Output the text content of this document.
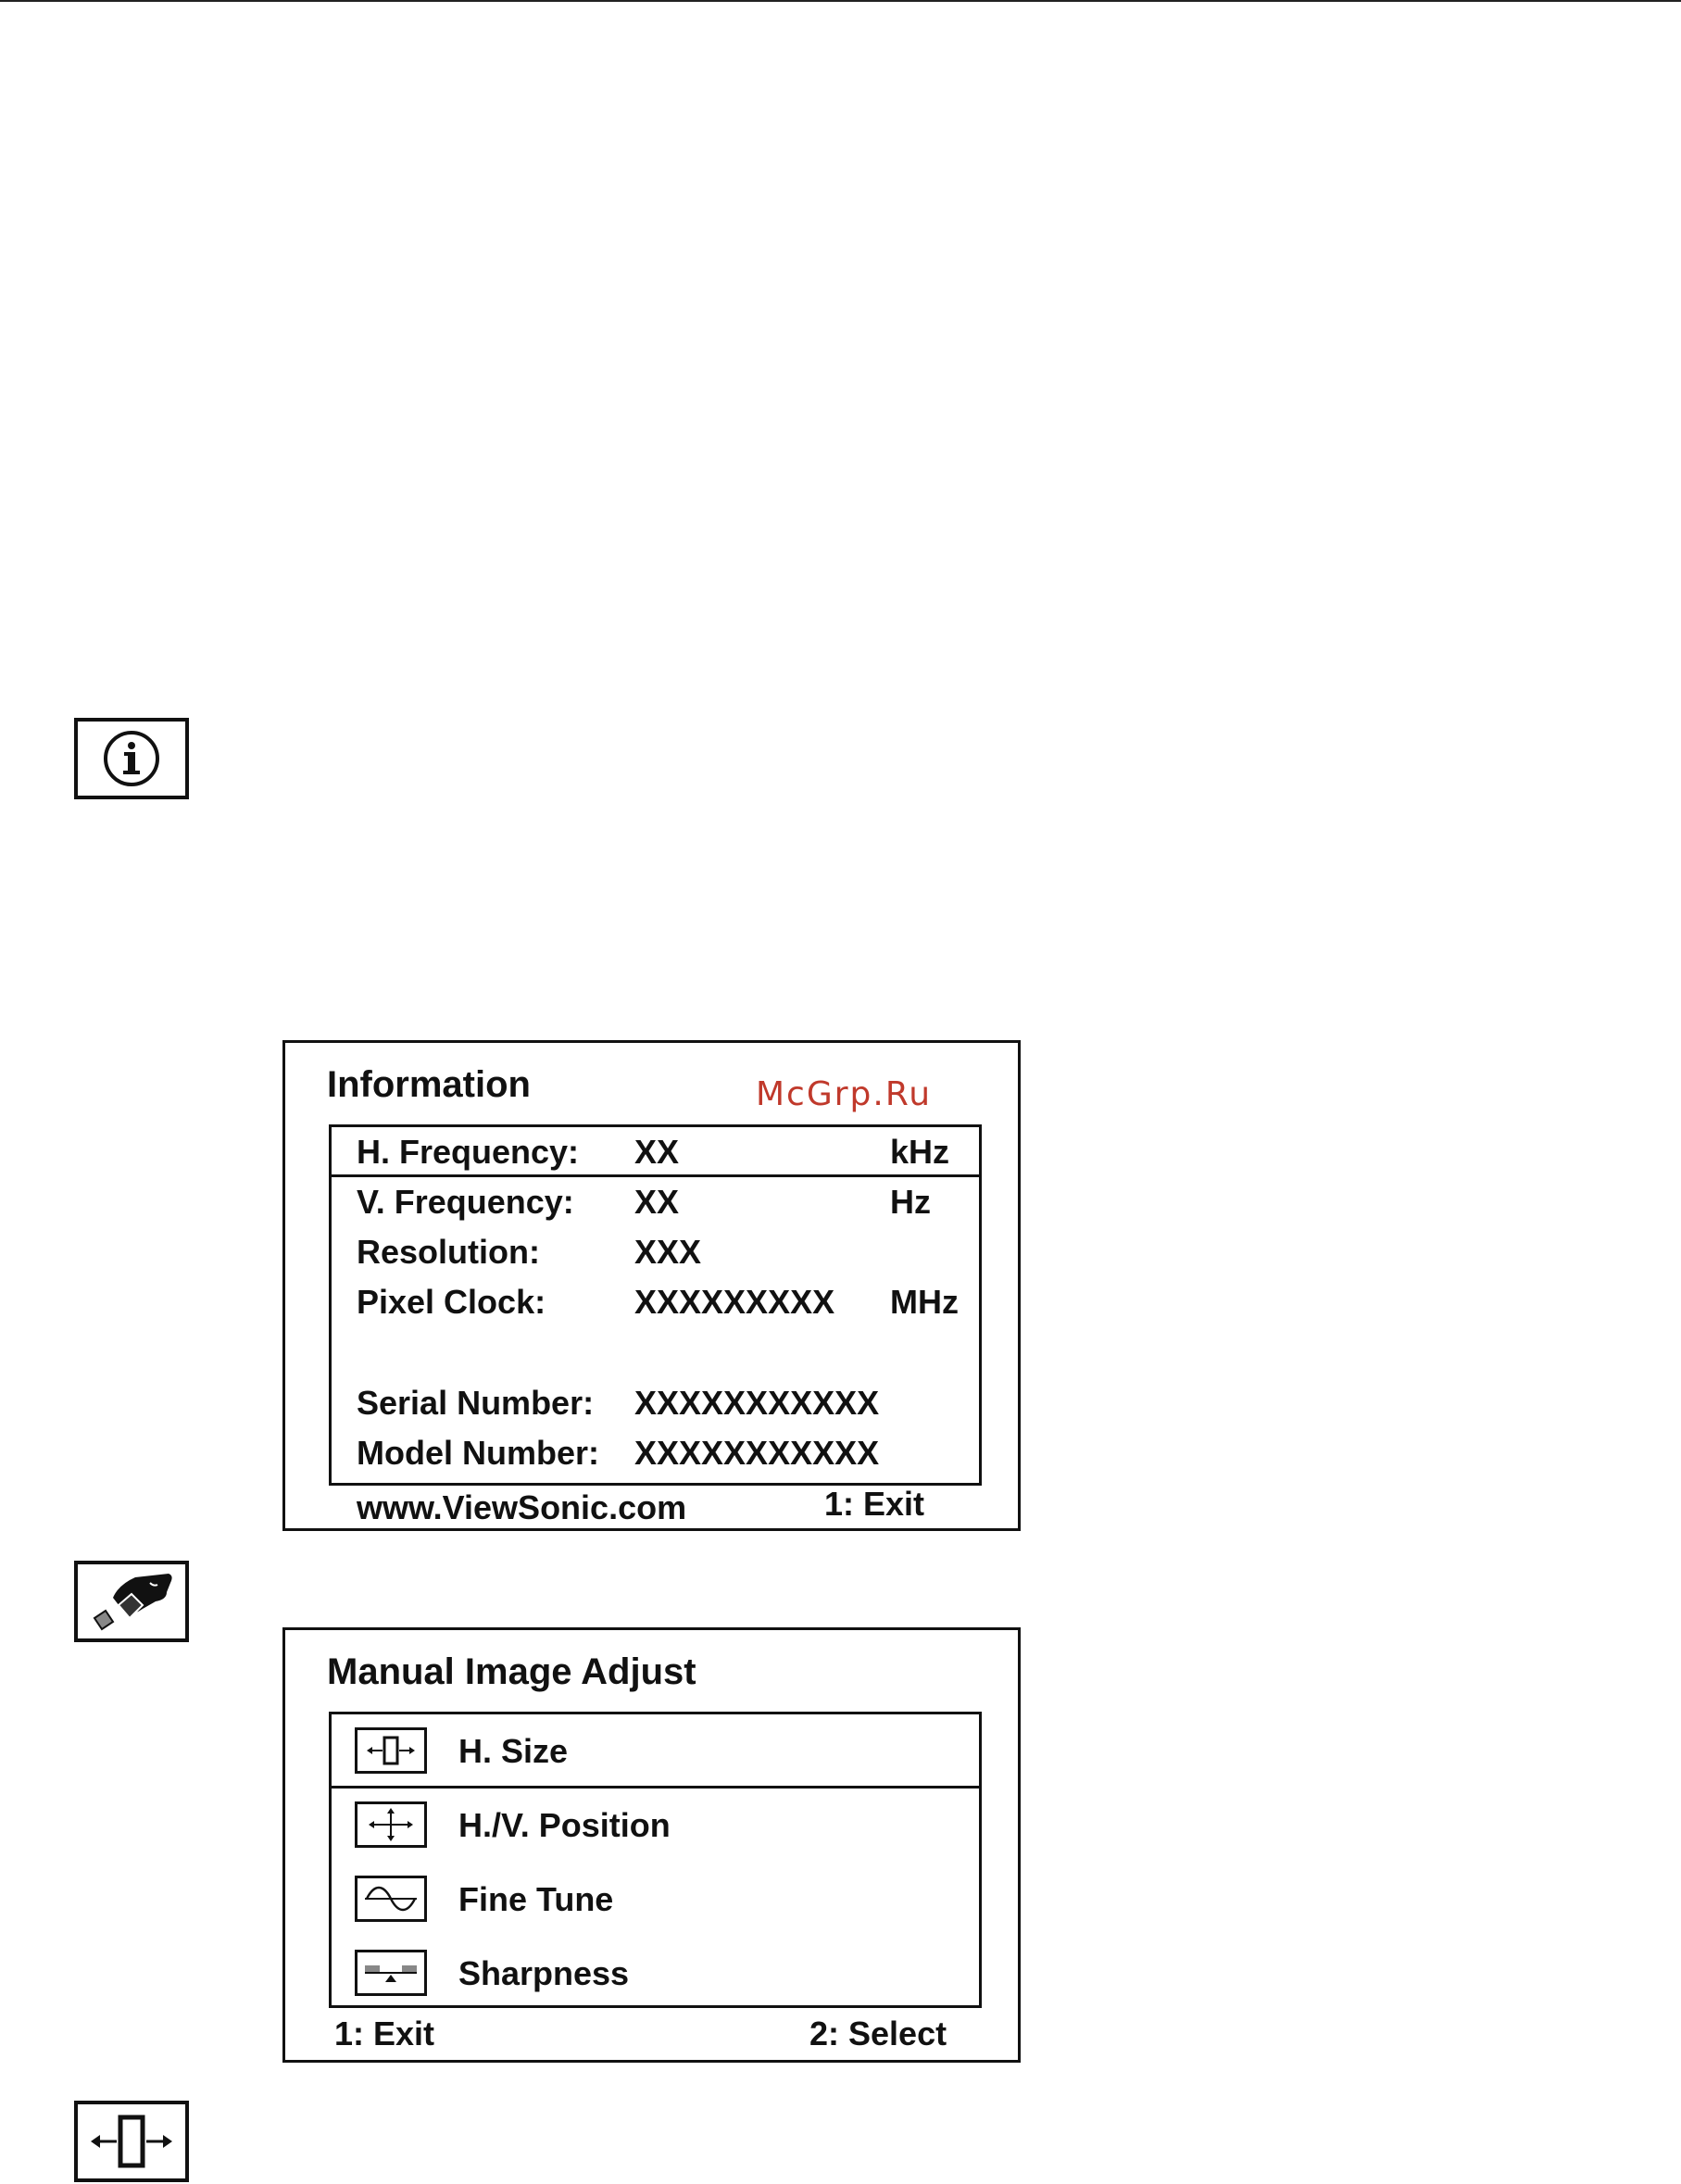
Information	McGrp.Ru
H. Frequency: XX	kHz
V. Frequency: XX	Hz
Resolution:	XXX
Pixel Clock:	XXXXXXXXX MHz
Serial Number: XXXXXXXXXXX
Model Number: XXXXXXXXXXX
www.ViewSonic.com	1: Exit
Manual Image Adjust
H. Size
H./V. Position
Fine Tune
Sharpness
1: Exit	2: Select
